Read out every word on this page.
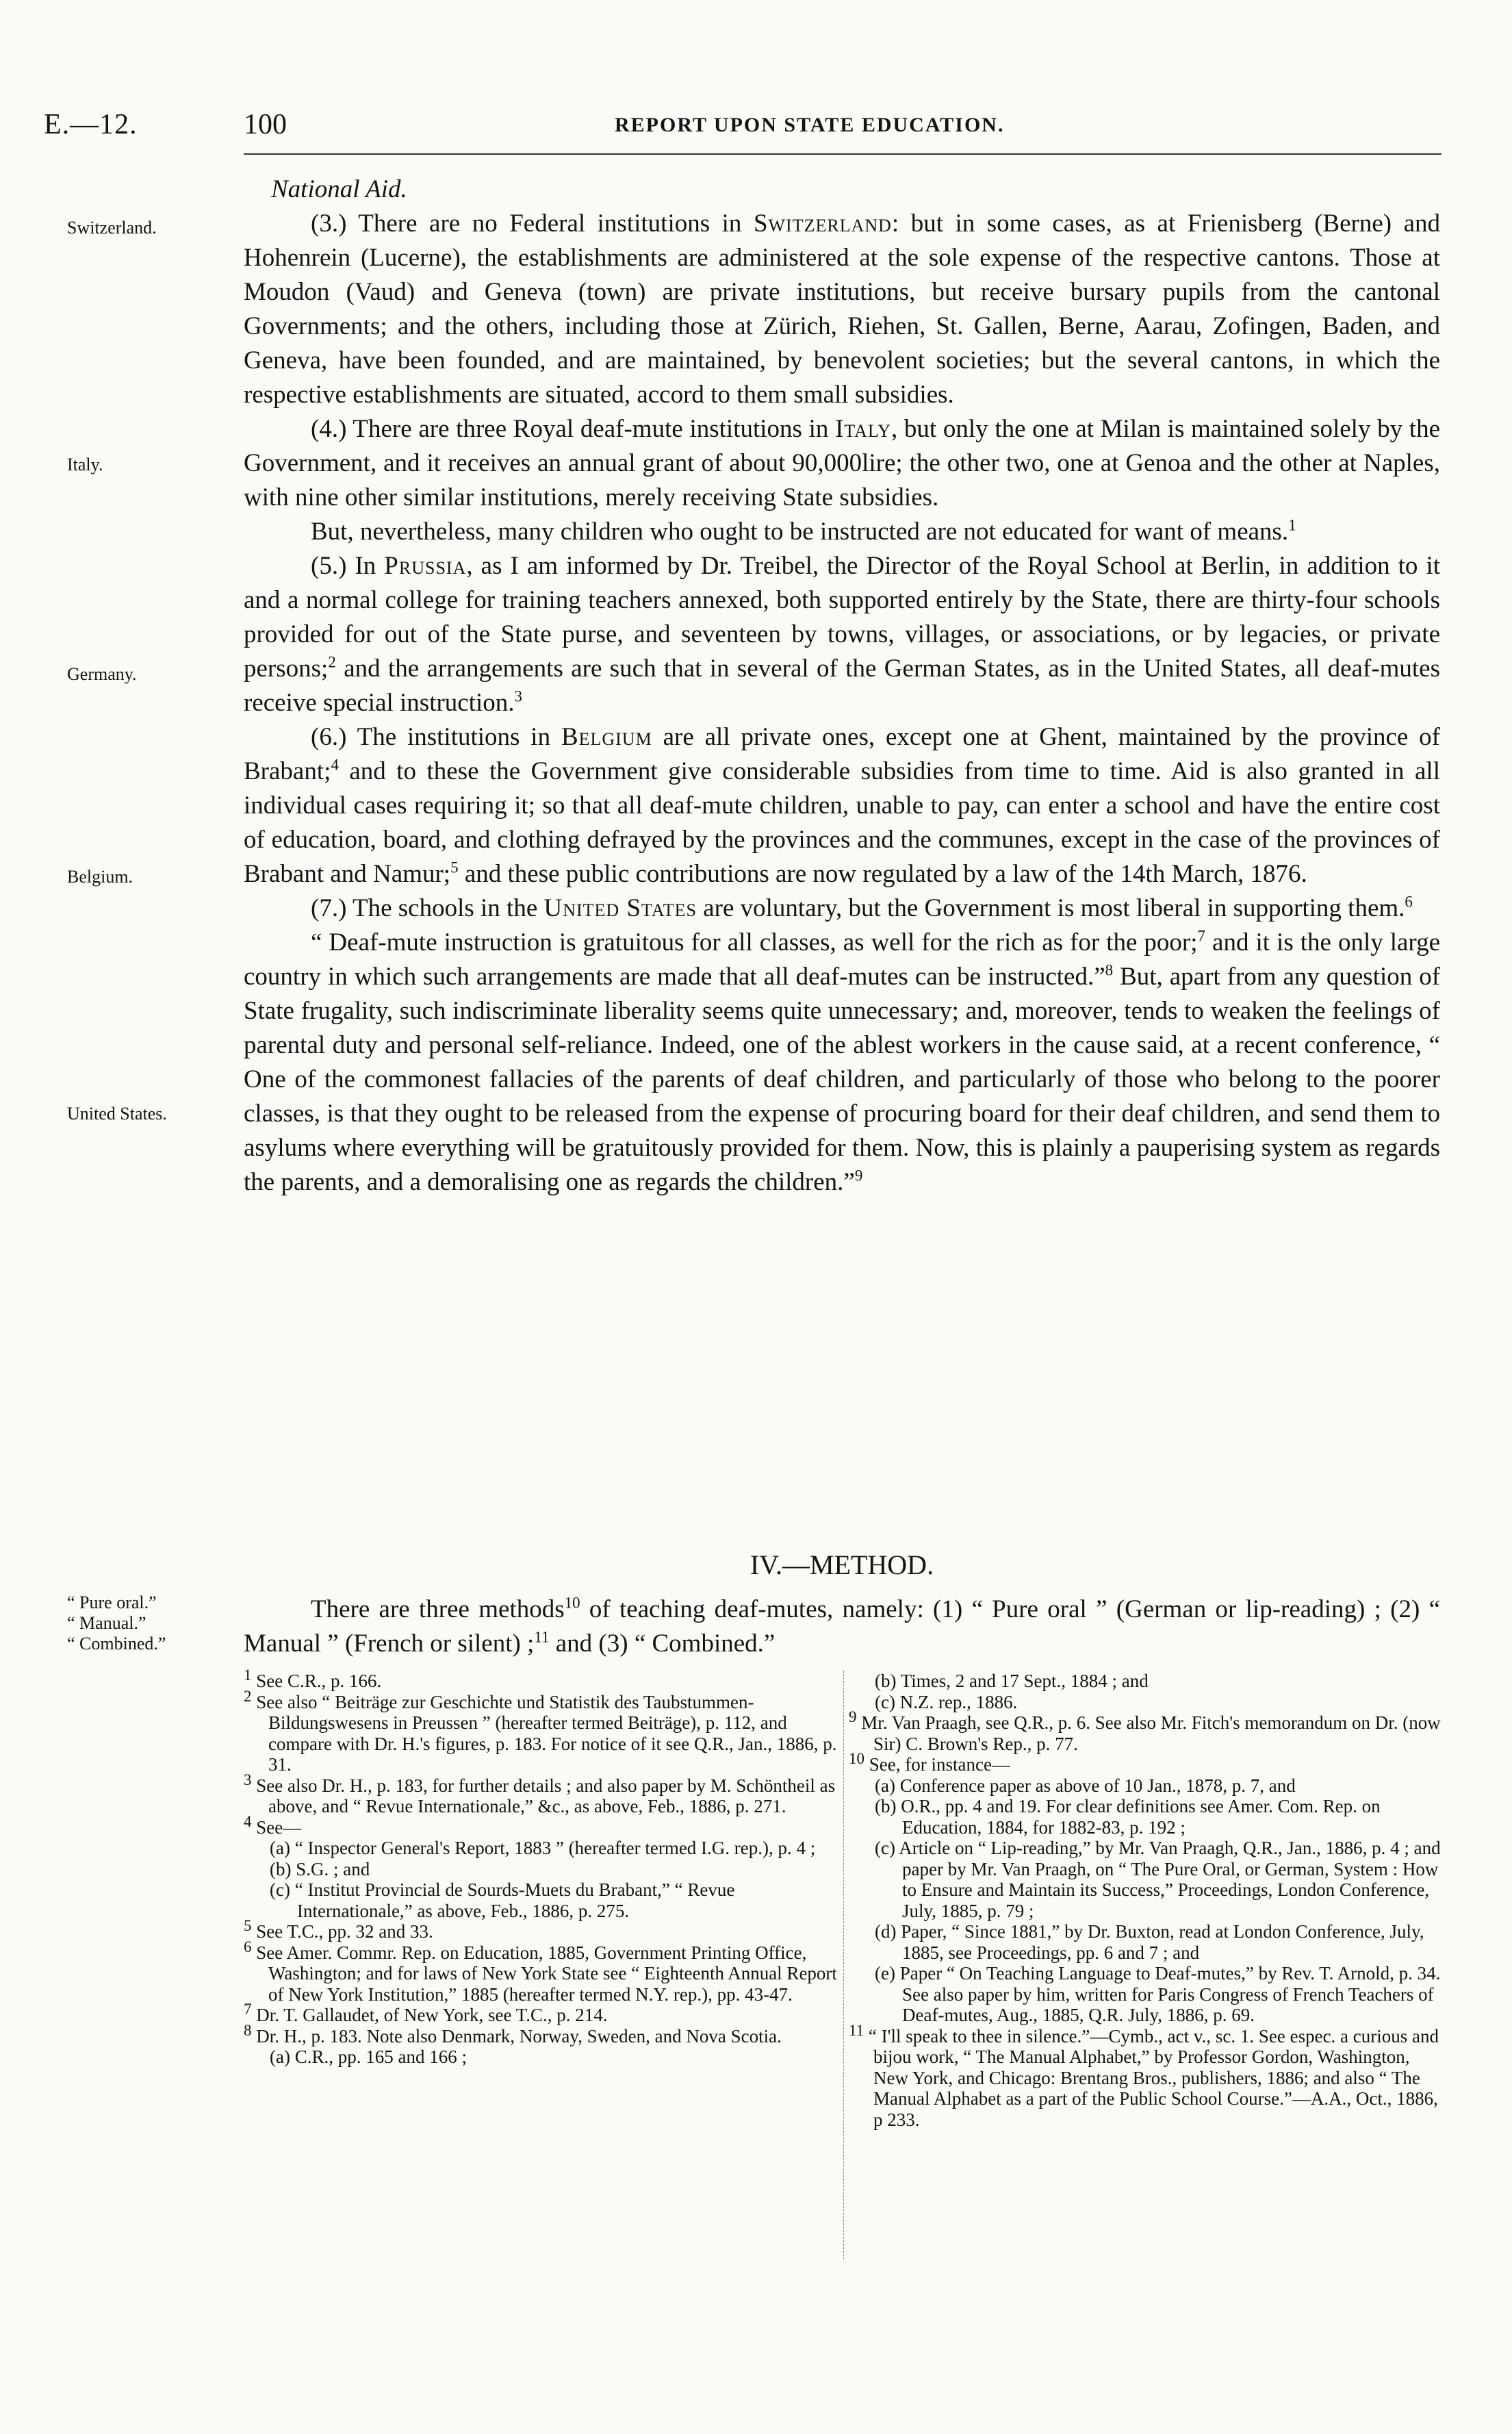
E.—12.	100	REPORT UPON STATE EDUCATION.
Switzerland.
Italy.
Germany.
Belgium.
United States.
“ Pure oral.”
“ Manual.”
“ Combined.”

National Aid.

(3.) There are no Federal institutions in Switzerland: but in some cases, as at Frienisberg (Berne) and Hohenrein (Lucerne), the establishments are administered at the sole expense of the respective cantons. Those at Moudon (Vaud) and Geneva (town) are private institutions, but receive bursary pupils from the cantonal Governments; and the others, including those at Zürich, Riehen, St. Gallen, Berne, Aarau, Zofingen, Baden, and Geneva, have been founded, and are maintained, by benevolent societies; but the several cantons, in which the respective establishments are situated, accord to them small subsidies.

(4.) There are three Royal deaf-mute institutions in Italy, but only the one at Milan is maintained solely by the Government, and it receives an annual grant of about 90,000lire; the other two, one at Genoa and the other at Naples, with nine other similar institutions, merely receiving State subsidies.

But, nevertheless, many children who ought to be instructed are not educated for want of means.$^1$

(5.) In Prussia, as I am informed by Dr. Treibel, the Director of the Royal School at Berlin, in addition to it and a normal college for training teachers annexed, both supported entirely by the State, there are thirty-four schools provided for out of the State purse, and seventeen by towns, villages, or associations, or by legacies, or private persons;$^2$ and the arrangements are such that in several of the German States, as in the United States, all deaf-mutes receive special instruction.$^3$

(6.) The institutions in Belgium are all private ones, except one at Ghent, maintained by the province of Brabant;$^4$ and to these the Government give considerable subsidies from time to time. Aid is also granted in all individual cases requiring it; so that all deaf-mute children, unable to pay, can enter a school and have the entire cost of education, board, and clothing defrayed by the provinces and the communes, except in the case of the provinces of Brabant and Namur;$^5$ and these public contributions are now regulated by a law of the 14th March, 1876.

(7.) The schools in the United States are voluntary, but the Government is most liberal in supporting them.$^6$

“ Deaf-mute instruction is gratuitous for all classes, as well for the rich as for the poor;$^7$ and it is the only large country in which such arrangements are made that all deaf-mutes can be instructed.”$^8$ But, apart from any question of State frugality, such indiscriminate liberality seems quite unnecessary; and, moreover, tends to weaken the feelings of parental duty and personal self-reliance. Indeed, one of the ablest workers in the cause said, at a recent conference, “ One of the commonest fallacies of the parents of deaf children, and particularly of those who belong to the poorer classes, is that they ought to be released from the expense of procuring board for their deaf children, and send them to asylums where everything will be gratuitously provided for them. Now, this is plainly a pauperising system as regards the parents, and a demoralising one as regards the children.”$^9$

IV.—METHOD.

There are three methods$^{10}$ of teaching deaf-mutes, namely: (1) “ Pure oral ” (German or lip-reading) ; (2) “ Manual ” (French or silent) ;$^{11}$ and (3) “ Combined.”

$^1$ See C.R., p. 166.

$^2$ See also “ Beiträge zur Geschichte und Statistik des Taubstummen-Bildungswesens in Preussen ” (hereafter termed Beiträge), p. 112, and compare with Dr. H.'s figures, p. 183. For notice of it see Q.R., Jan., 1886, p. 31.

$^3$ See also Dr. H., p. 183, for further details ; and also paper by M. Schöntheil as above, and “ Revue Internationale,” &c., as above, Feb., 1886, p. 271.

$^4$ See—

(a) “ Inspector General's Report, 1883 ” (hereafter termed I.G. rep.), p. 4 ;

(b) S.G. ; and

(c) “ Institut Provincial de Sourds-Muets du Brabant,” “ Revue Internationale,” as above, Feb., 1886, p. 275.

$^5$ See T.C., pp. 32 and 33.

$^6$ See Amer. Commr. Rep. on Education, 1885, Government Printing Office, Washington; and for laws of New York State see “ Eighteenth Annual Report of New York Institution,” 1885 (hereafter termed N.Y. rep.), pp. 43-47.

$^7$ Dr. T. Gallaudet, of New York, see T.C., p. 214.

$^8$ Dr. H., p. 183. Note also Denmark, Norway, Sweden, and Nova Scotia.

(a) C.R., pp. 165 and 166 ;

(b) Times, 2 and 17 Sept., 1884 ; and

(c) N.Z. rep., 1886.

$^9$ Mr. Van Praagh, see Q.R., p. 6. See also Mr. Fitch's memorandum on Dr. (now Sir) C. Brown's Rep., p. 77.

$^{10}$ See, for instance—

(a) Conference paper as above of 10 Jan., 1878, p. 7, and

(b) O.R., pp. 4 and 19. For clear definitions see Amer. Com. Rep. on Education, 1884, for 1882-83, p. 192 ;

(c) Article on “ Lip-reading,” by Mr. Van Praagh, Q.R., Jan., 1886, p. 4 ; and paper by Mr. Van Praagh, on “ The Pure Oral, or German, System : How to Ensure and Maintain its Success,” Proceedings, London Conference, July, 1885, p. 79 ;

(d) Paper, “ Since 1881,” by Dr. Buxton, read at London Conference, July, 1885, see Proceedings, pp. 6 and 7 ; and

(e) Paper “ On Teaching Language to Deaf-mutes,” by Rev. T. Arnold, p. 34. See also paper by him, written for Paris Congress of French Teachers of Deaf-mutes, Aug., 1885, Q.R. July, 1886, p. 69.

$^{11}$ “ I'll speak to thee in silence.”—Cymb., act v., sc. 1. See espec. a curious and bijou work, “ The Manual Alphabet,” by Professor Gordon, Washington, New York, and Chicago: Brentang Bros., publishers, 1886; and also “ The Manual Alphabet as a part of the Public School Course.”—A.A., Oct., 1886, p 233.
